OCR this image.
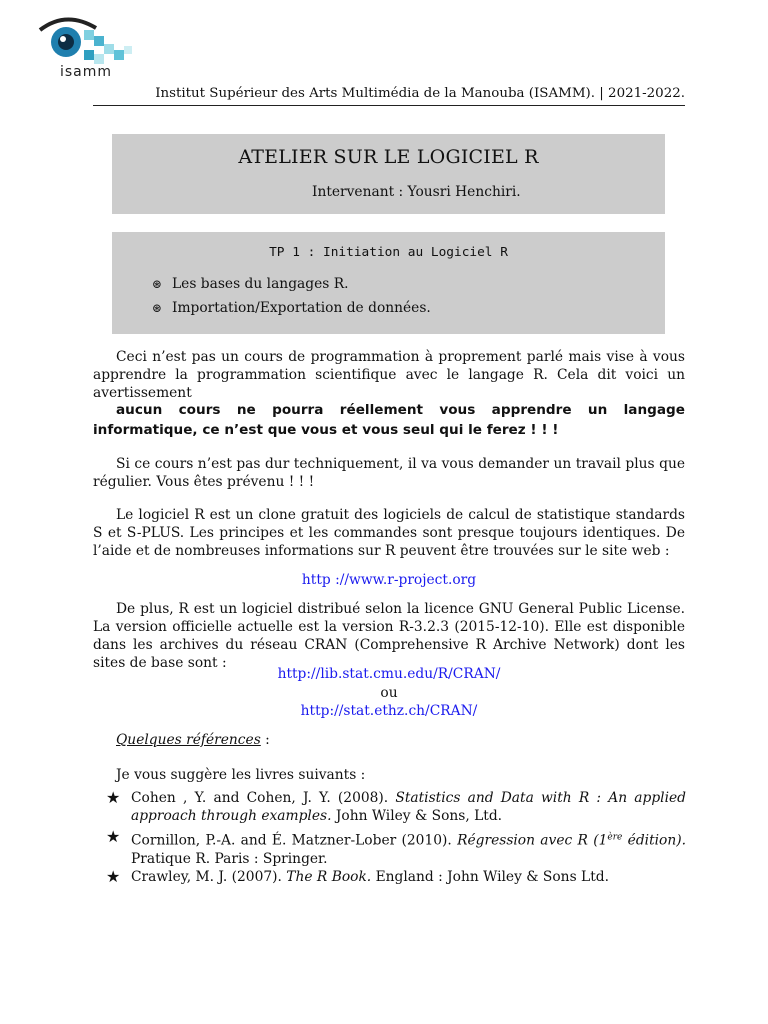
isamm
Institut Supérieur des Arts Multimédia de la Manouba (ISAMM). | 2021-2022.
ATELIER SUR LE LOGICIEL R
Intervenant : Yousri Henchiri.
TP 1 : Initiation au Logiciel R
⊛ Les bases du langages R.
⊛ Importation/Exportation de données.
Ceci n’est pas un cours de programmation à proprement parlé mais vise à vous apprendre la programmation scientifique avec le langage R. Cela dit voici un avertissement
aucun cours ne pourra réellement vous apprendre un langage informatique, ce n’est que vous et vous seul qui le ferez ! ! !
Si ce cours n’est pas dur techniquement, il va vous demander un travail plus que régulier. Vous êtes prévenu ! ! !
Le logiciel R est un clone gratuit des logiciels de calcul de statistique standards S et S-PLUS. Les principes et les commandes sont presque toujours identiques. De l’aide et de nombreuses informations sur R peuvent être trouvées sur le site web :
http ://www.r-project.org
De plus, R est un logiciel distribué selon la licence GNU General Public License. La version officielle actuelle est la version R-3.2.3 (2015-12-10). Elle est disponible dans les archives du réseau CRAN (Comprehensive R Archive Network) dont les sites de base sont :
http://lib.stat.cmu.edu/R/CRAN/
ou
http://stat.ethz.ch/CRAN/
Quelques références :
Je vous suggère les livres suivants :
★ Cohen , Y. and Cohen, J. Y. (2008). Statistics and Data with R : An applied approach through examples. John Wiley & Sons, Ltd.
★ Cornillon, P.-A. and É. Matzner-Lober (2010). Régression avec R (1ère édition). Pratique R. Paris : Springer.
★ Crawley, M. J. (2007). The R Book. England : John Wiley & Sons Ltd.
